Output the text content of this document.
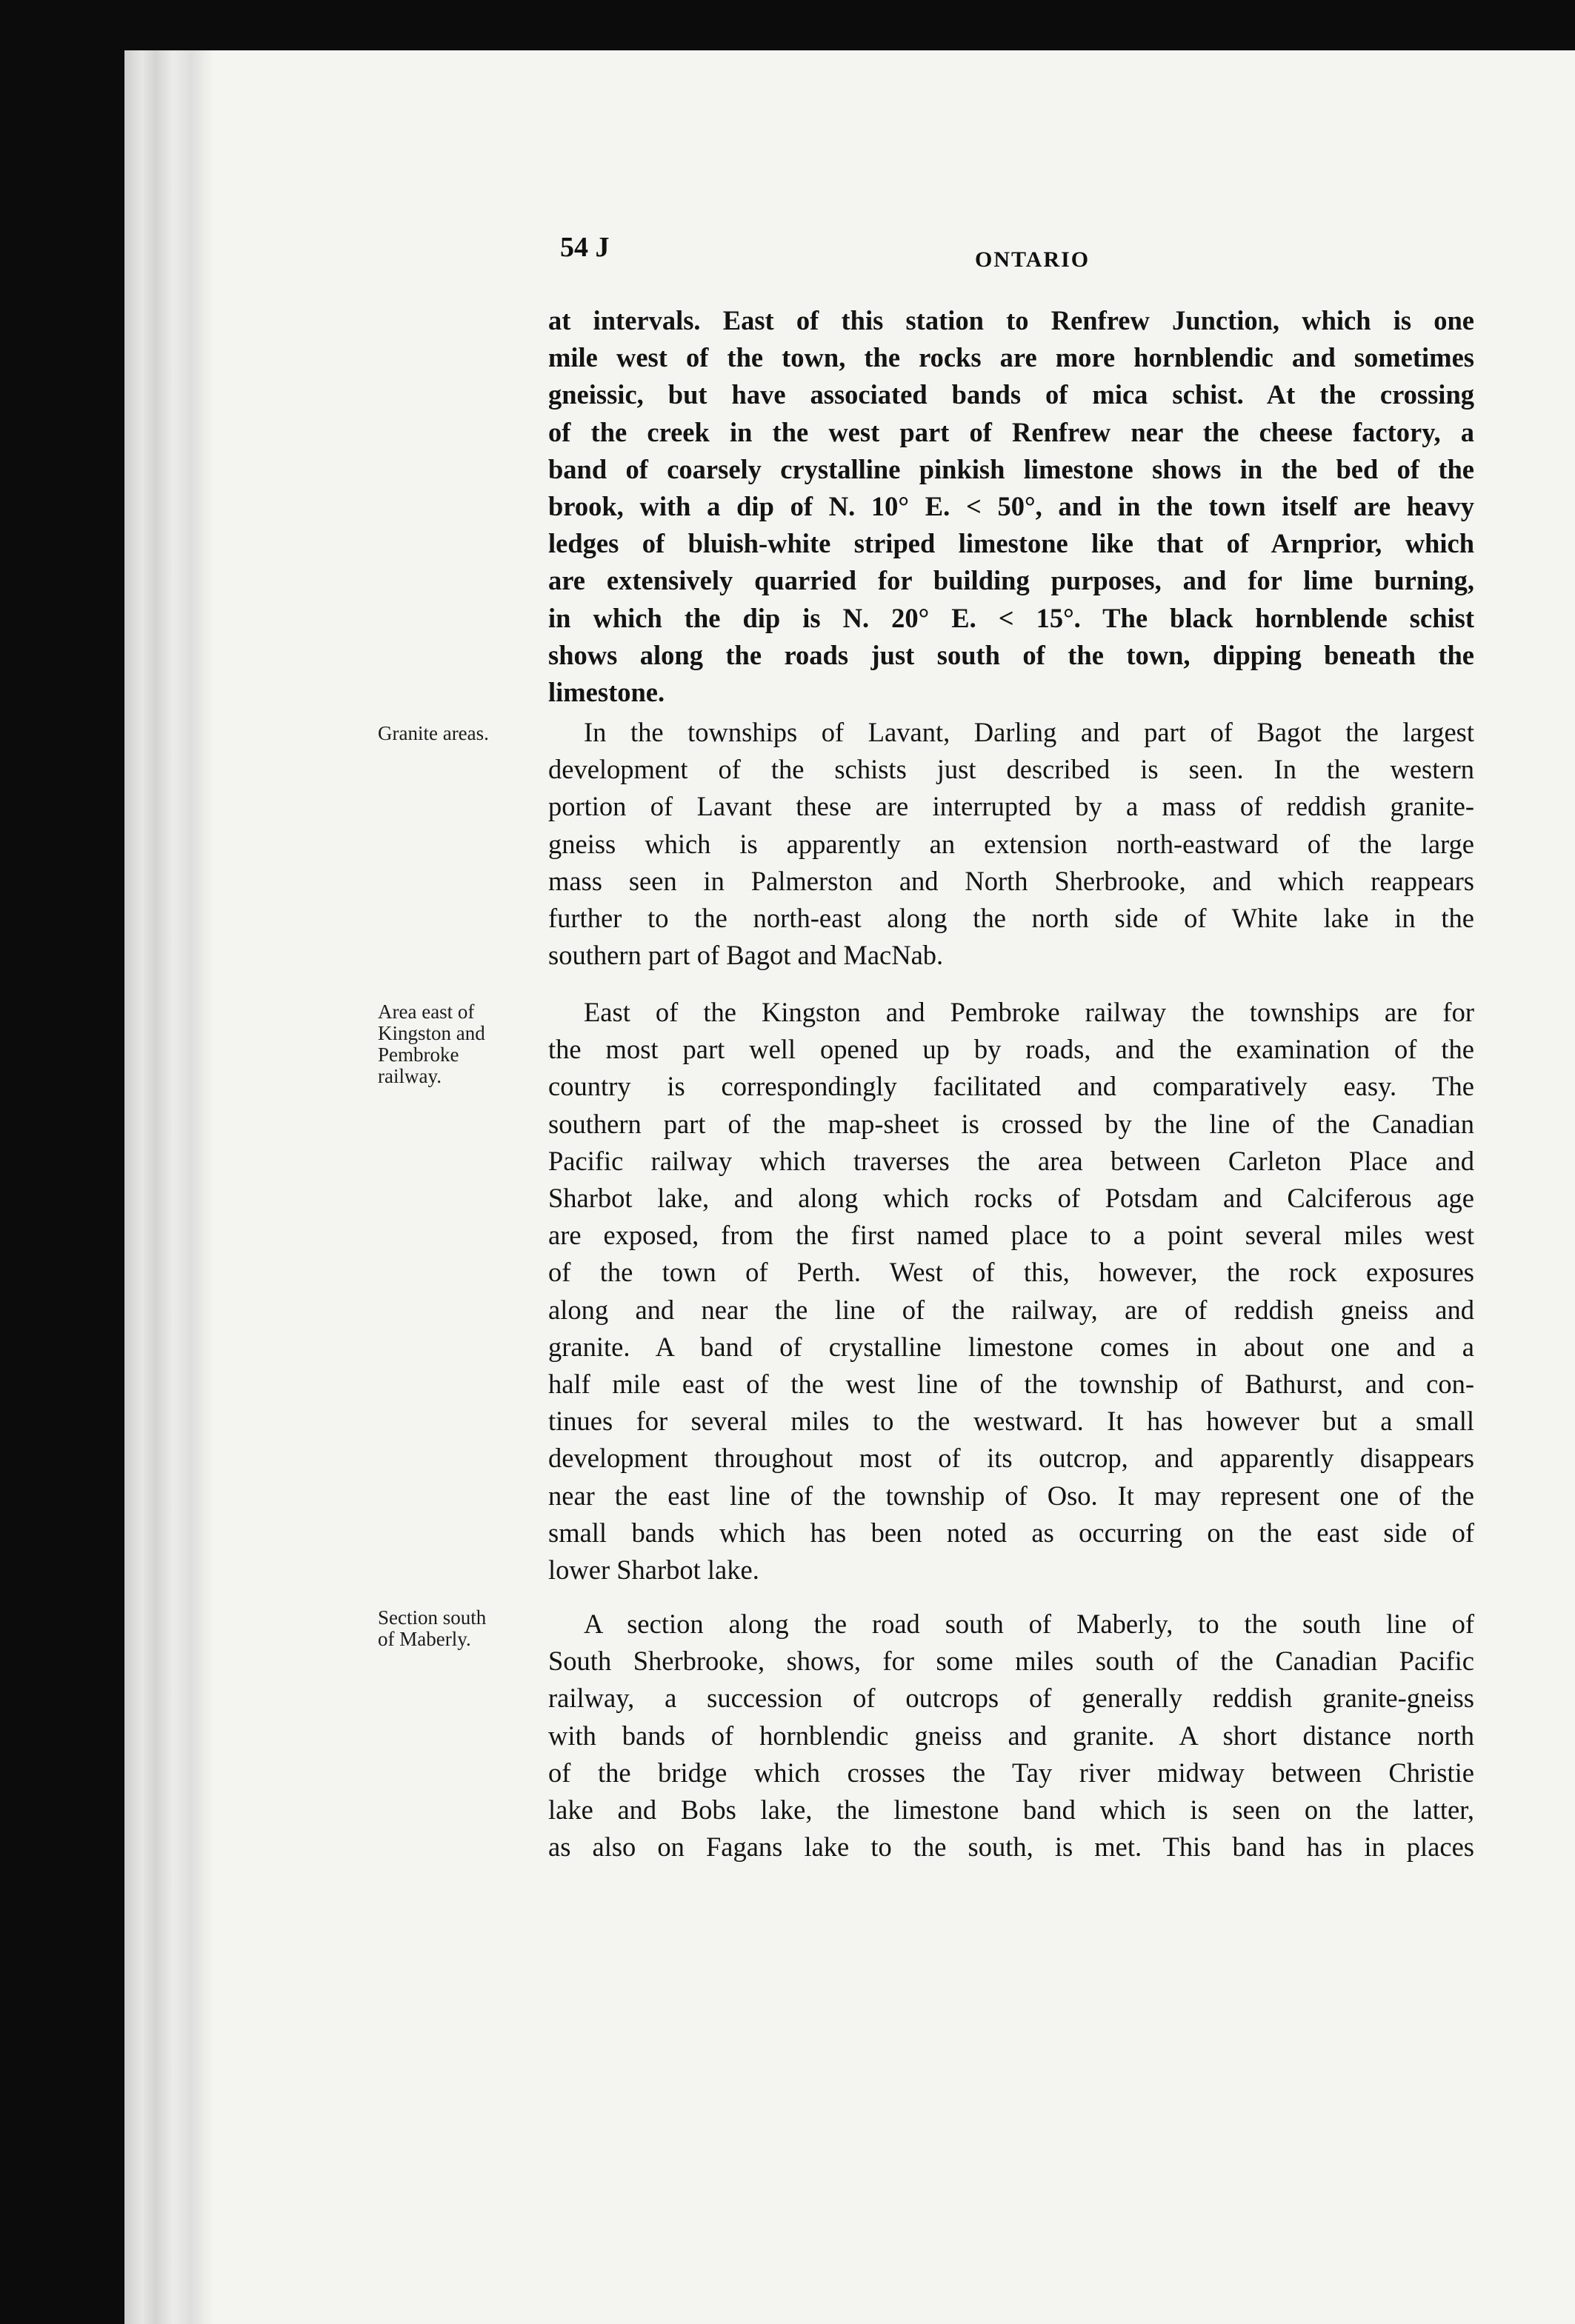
54 J	ONTARIO
Granite areas.
Area east of
Kingston and
Pembroke
railway.
Section south
of Maberly.
at intervals. East of this station to Renfrew Junction, which is one
mile west of the town, the rocks are more hornblendic and sometimes
gneissic, but have associated bands of mica schist. At the crossing
of the creek in the west part of Renfrew near the cheese factory, a
band of coarsely crystalline pinkish limestone shows in the bed of the
brook, with a dip of N. 10° E. < 50°, and in the town itself are heavy
ledges of bluish-white striped limestone like that of Arnprior, which
are extensively quarried for building purposes, and for lime burning,
in which the dip is N. 20° E. < 15°. The black hornblende schist
shows along the roads just south of the town, dipping beneath the
limestone.
In the townships of Lavant, Darling and part of Bagot the largest
development of the schists just described is seen. In the western
portion of Lavant these are interrupted by a mass of reddish granite-
gneiss which is apparently an extension north-eastward of the large
mass seen in Palmerston and North Sherbrooke, and which reappears
further to the north-east along the north side of White lake in the
southern part of Bagot and MacNab.
East of the Kingston and Pembroke railway the townships are for
the most part well opened up by roads, and the examination of the
country is correspondingly facilitated and comparatively easy. The
southern part of the map-sheet is crossed by the line of the Canadian
Pacific railway which traverses the area between Carleton Place and
Sharbot lake, and along which rocks of Potsdam and Calciferous age
are exposed, from the first named place to a point several miles west
of the town of Perth. West of this, however, the rock exposures
along and near the line of the railway, are of reddish gneiss and
granite. A band of crystalline limestone comes in about one and a
half mile east of the west line of the township of Bathurst, and con-
tinues for several miles to the westward. It has however but a small
development throughout most of its outcrop, and apparently disappears
near the east line of the township of Oso. It may represent one of the
small bands which has been noted as occurring on the east side of
lower Sharbot lake.
A section along the road south of Maberly, to the south line of
South Sherbrooke, shows, for some miles south of the Canadian Pacific
railway, a succession of outcrops of generally reddish granite-gneiss
with bands of hornblendic gneiss and granite. A short distance north
of the bridge which crosses the Tay river midway between Christie
lake and Bobs lake, the limestone band which is seen on the latter,
as also on Fagans lake to the south, is met. This band has in places
